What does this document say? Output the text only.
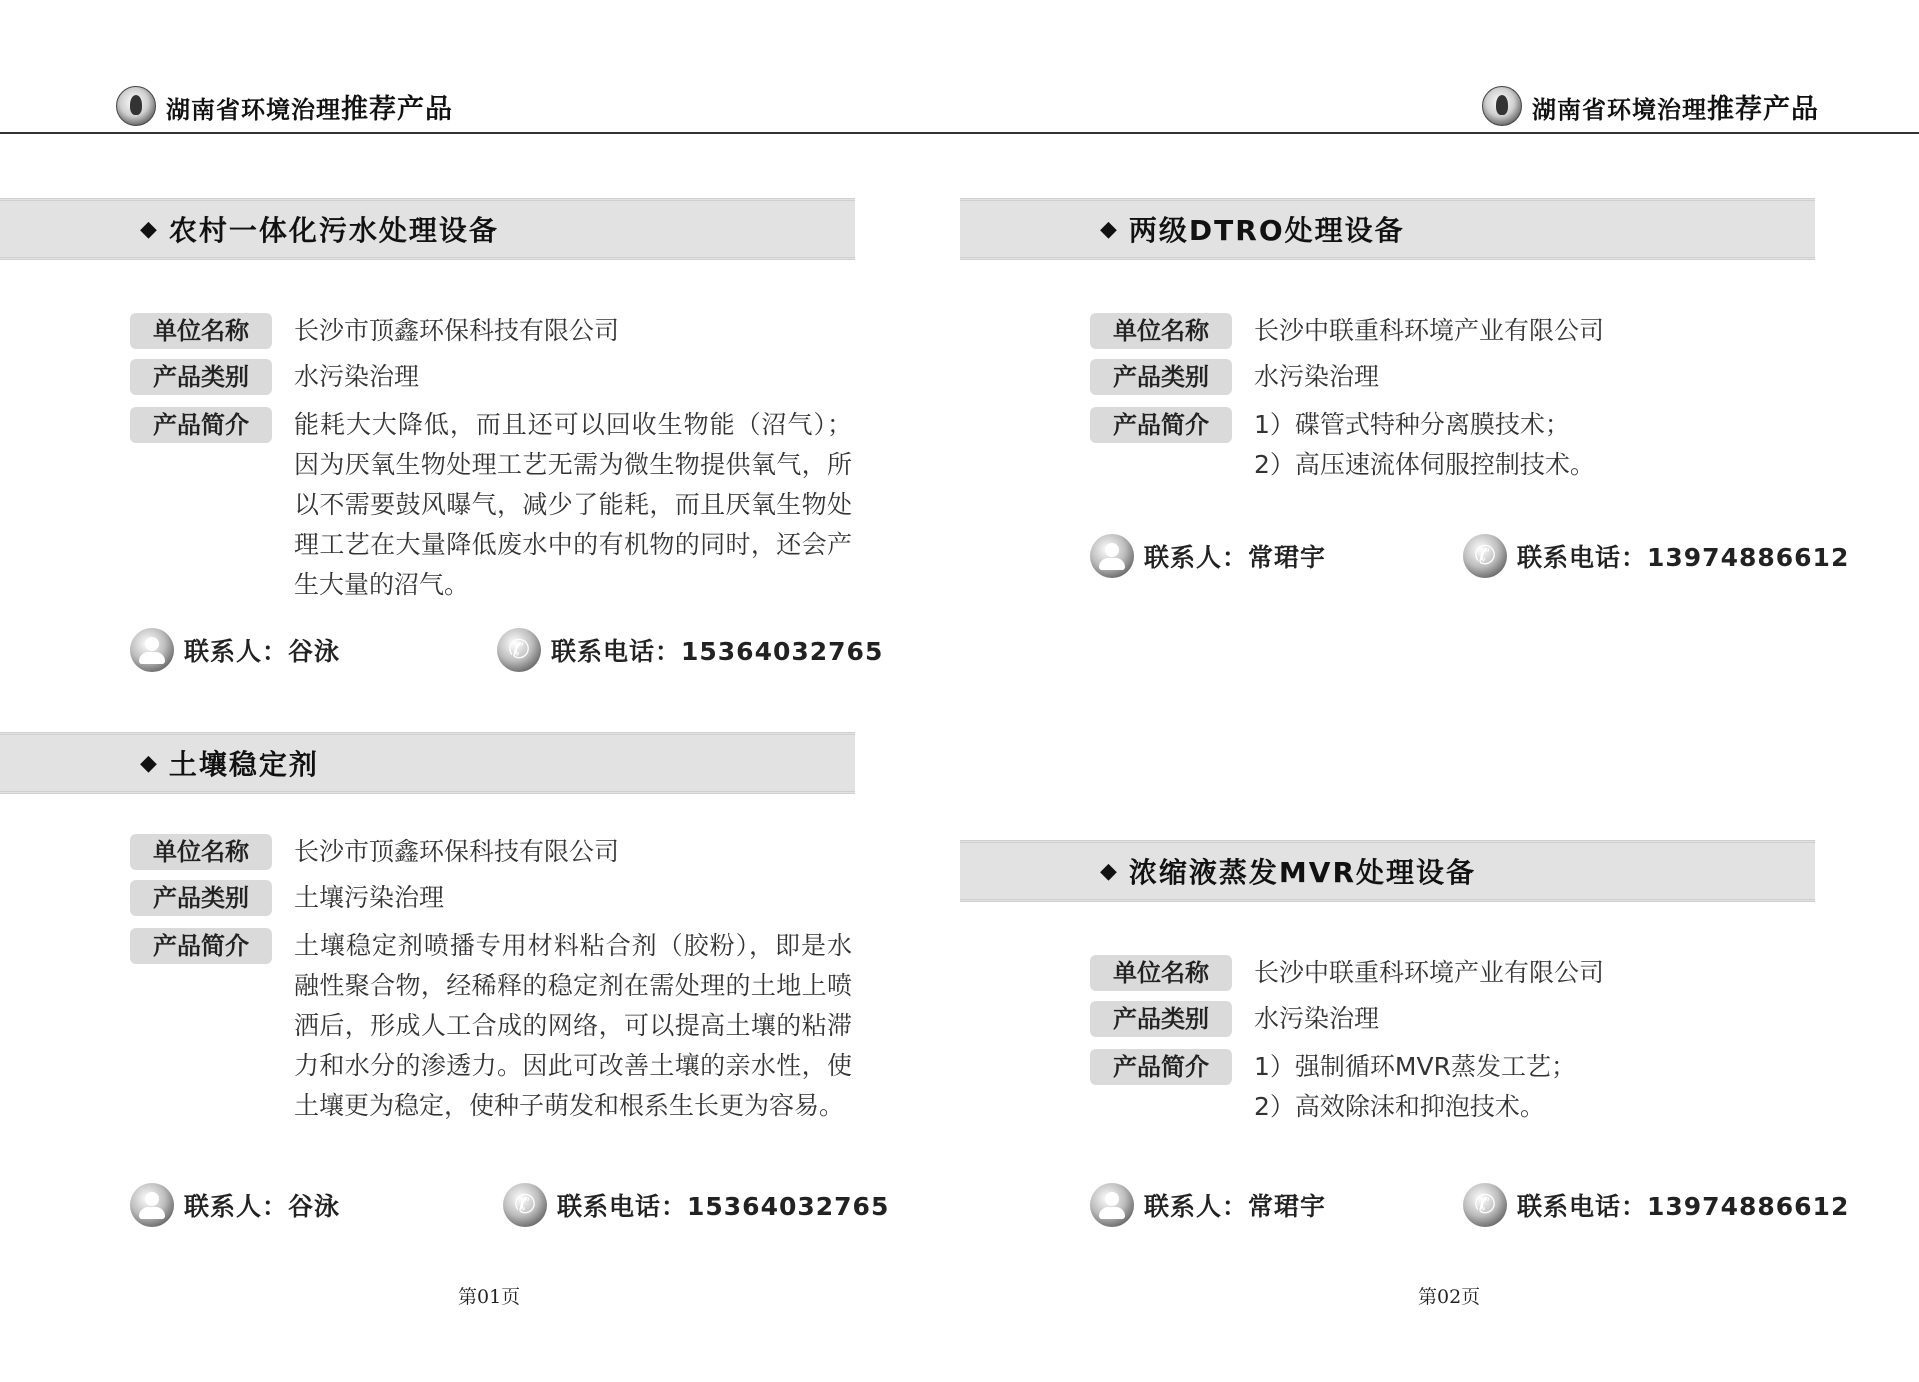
湖南省环境治理推荐产品
◆ 农村一体化污水处理设备
单位名称	长沙市顶鑫环保科技有限公司
产品类别	水污染治理
产品简介	能耗大大降低，而且还可以回收生物能（沼气）；因为厌氧生物处理工艺无需为微生物提供氧气，所以不需要鼓风曝气，减少了能耗，而且厌氧生物处理工艺在大量降低废水中的有机物的同时，还会产生大量的沼气。
联系人：谷泳 ✆	联系电话：15364032765
◆ 土壤稳定剂
单位名称	长沙市顶鑫环保科技有限公司
产品类别	土壤污染治理
产品简介	土壤稳定剂喷播专用材料粘合剂（胶粉），即是水融性聚合物，经稀释的稳定剂在需处理的土地上喷洒后，形成人工合成的网络，可以提高土壤的粘滞力和水分的渗透力。因此可改善土壤的亲水性，使土壤更为稳定，使种子萌发和根系生长更为容易。
联系人：谷泳 ✆	联系电话：15364032765
第01页
湖南省环境治理推荐产品
◆ 两级DTRO处理设备
单位名称	长沙中联重科环境产业有限公司
产品类别	水污染治理
产品简介	1）碟管式特种分离膜技术；
2）高压速流体伺服控制技术。
联系人：常珺宇 ✆	联系电话：13974886612
◆ 浓缩液蒸发MVR处理设备
单位名称	长沙中联重科环境产业有限公司
产品类别	水污染治理
产品简介	1）强制循环MVR蒸发工艺；
2）高效除沫和抑泡技术。
联系人：常珺宇 ✆	联系电话：13974886612
第02页
